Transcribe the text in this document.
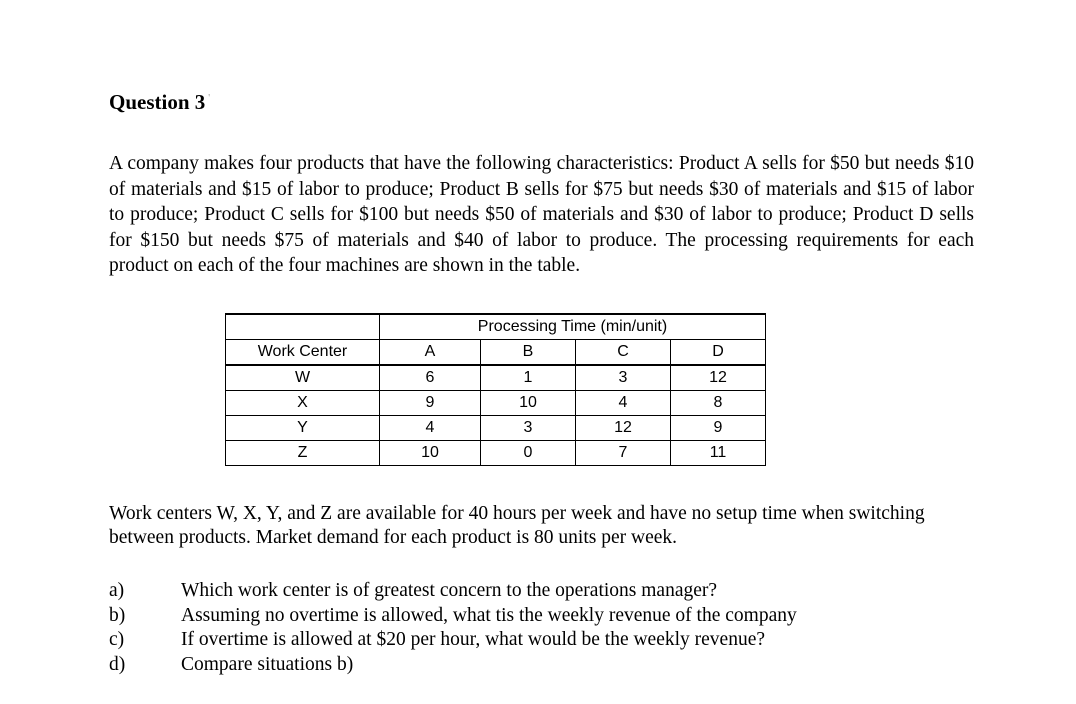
Question 3 '
A company makes four products that have the following characteristics: Product A sells for $50 but needs $10 of materials and $15 of labor to produce; Product B sells for $75 but needs $30 of materials and $15 of labor to produce; Product C sells for $100 but needs $50 of materials and $30 of labor to produce; Product D sells for $150 but needs $75 of materials and $40 of labor to produce. The processing requirements for each product on each of the four machines are shown in the table.
	Processing Time (min/unit)			
Work Center	A	B	C	D
W	6	1	3	12
X	9	10	4	8
Y	4	3	12	9
Z	10	0	7	11
Work centers W, X, Y, and Z are available for 40 hours per week and have no setup time when switching between products. Market demand for each product is 80 units per week.
a)	Which work center is of greatest concern to the operations manager?
b)	Assuming no overtime is allowed, what tis the weekly revenue of the company
c)	If overtime is allowed at $20 per hour, what would be the weekly revenue?
d)	Compare situations b)
